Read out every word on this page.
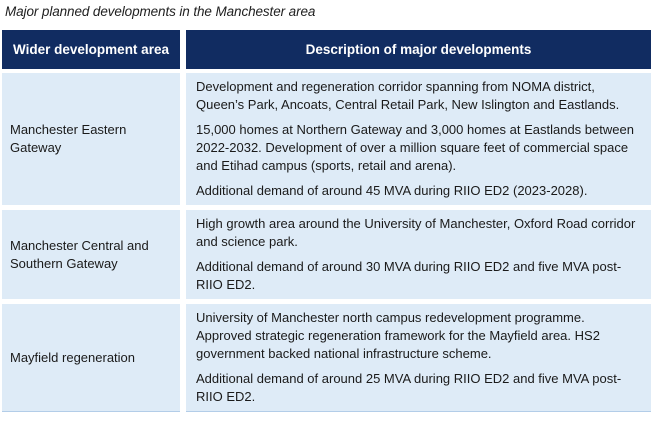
Major planned developments in the Manchester area
Wider development area	Description of major developments
Manchester Eastern Gateway

Development and regeneration corridor spanning from NOMA district, Queen’s Park, Ancoats, Central Retail Park, New Islington and Eastlands.

15,000 homes at Northern Gateway and 3,000 homes at Eastlands between 2022-2032. Development of over a million square feet of commercial space and Etihad campus (sports, retail and arena).

Additional demand of around 45 MVA during RIIO ED2 (2023-2028).

Manchester Central and Southern Gateway

High growth area around the University of Manchester, Oxford Road corridor and science park.

Additional demand of around 30 MVA during RIIO ED2 and five MVA post-RIIO ED2.

Mayfield regeneration

University of Manchester north campus redevelopment programme. Approved strategic regeneration framework for the Mayfield area. HS2 government backed national infrastructure scheme.

Additional demand of around 25 MVA during RIIO ED2 and five MVA post-RIIO ED2.
